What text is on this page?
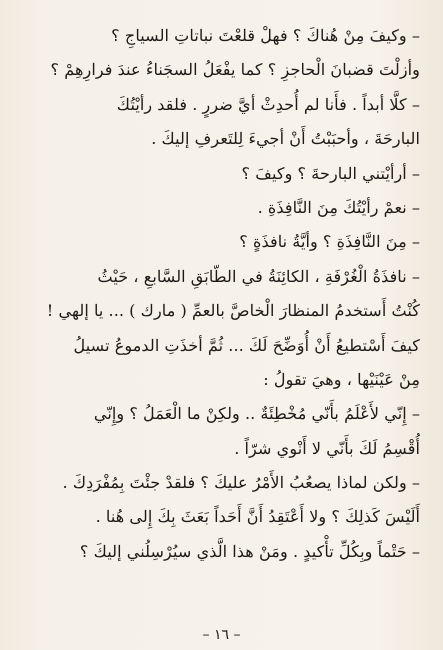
– وكيفَ مِنْ هُناكَ ؟ فهلْ قلعْتَ نباتاتِ السياجِ ؟
وأزلْتَ قضبانَ الْحاجزِ ؟ كما يفْعَلُ السجَناءُ عندَ فرارِهِمْ ؟
– كلَّا أبداً . فأَنا لم أُحدِثْ أيَّ ضررٍ . فلقد رأيْتُكَ
البارحَةَ ، وأحبَبْتُ أَنْ أجيءَ لِلتَعرفِ إليكَ .
– أرأيْتني البارحةَ ؟ وكيفَ ؟
– نعمْ رأيْتُكَ مِنَ النَّافِذَةِ .
– مِنَ النَّافِذَةِ ؟ وأيَّةُ نافذَةٍ ؟
– نافذَةُ الْغُرْفَةِ ، الكائِنَةُ في الطّابَقِ السَّابعِ ، حَيْثُ
كُنْتُ أَستخدمُ المنظارَ الْخاصَّ بالعمِّ ( مارك ) ... يا إلهي !
كيفَ أَسْتطيعُ أَنْ أُوَضِّحَ لَكَ ... ثُمَّ أخذَتِ الدموعُ تسيلُ
مِنْ عَيْنَيْها ، وهيَ تقولُ :
– إِنّي لأَعْلَمُ بأَنّي مُخْطِئَةٌ .. ولكِنْ ما الْعَمَلُ ؟ وإِنّي
أُقْسِمُ لَكَ بأَنّي لا أَنْوي شرّاً .
– ولكن لماذا يصعُبُ الأَمْرُ عليكَ ؟ فلقدْ جئْتَ بِمُفْرَدِكَ .
أَلَيْسَ كَذلِكَ ؟ ولا أَعْتَقِدُ أَنَّ أَحَداً بَعَثَ بِكَ إِلى هُنا .
– حَتْماً وبِكُلِّ تأْكيدٍ . ومَنْ هذا الَّذي سيُرْسِلُني إليكَ ؟
– ١٦ –
